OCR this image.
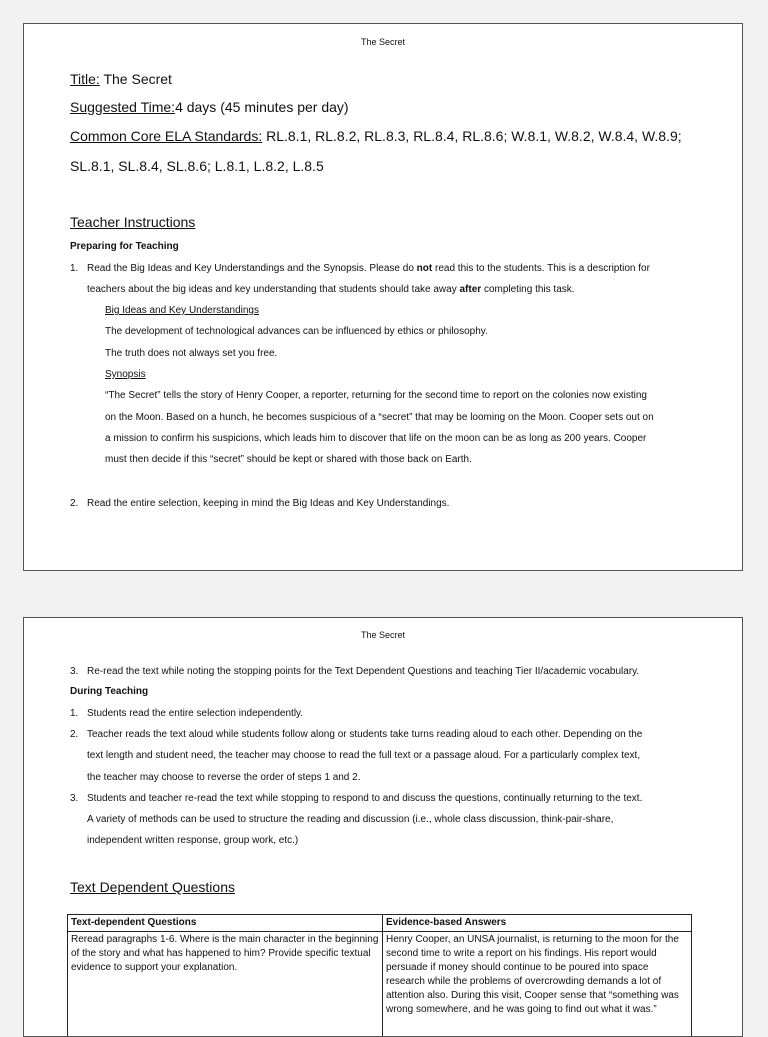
The Secret
Title: The Secret
Suggested Time:4 days (45 minutes per day)
Common Core ELA Standards: RL.8.1, RL.8.2, RL.8.3, RL.8.4, RL.8.6; W.8.1, W.8.2, W.8.4, W.8.9;
SL.8.1, SL.8.4, SL.8.6; L.8.1, L.8.2, L.8.5
Teacher Instructions
Preparing for Teaching
1. Read the Big Ideas and Key Understandings and the Synopsis. Please do not read this to the students. This is a description for
teachers about the big ideas and key understanding that students should take away after completing this task.
Big Ideas and Key Understandings
The development of technological advances can be influenced by ethics or philosophy.
The truth does not always set you free.
Synopsis
“The Secret” tells the story of Henry Cooper, a reporter, returning for the second time to report on the colonies now existing
on the Moon. Based on a hunch, he becomes suspicious of a “secret” that may be looming on the Moon. Cooper sets out on
a mission to confirm his suspicions, which leads him to discover that life on the moon can be as long as 200 years. Cooper
must then decide if this “secret” should be kept or shared with those back on Earth.
2. Read the entire selection, keeping in mind the Big Ideas and Key Understandings.
The Secret
3. Re-read the text while noting the stopping points for the Text Dependent Questions and teaching Tier II/academic vocabulary.
During Teaching
1. Students read the entire selection independently.
2. Teacher reads the text aloud while students follow along or students take turns reading aloud to each other. Depending on the
text length and student need, the teacher may choose to read the full text or a passage aloud. For a particularly complex text,
the teacher may choose to reverse the order of steps 1 and 2.
3. Students and teacher re-read the text while stopping to respond to and discuss the questions, continually returning to the text.
A variety of methods can be used to structure the reading and discussion (i.e., whole class discussion, think-pair-share,
independent written response, group work, etc.)
Text Dependent Questions
Text-dependent Questions	Evidence-based Answers
Reread paragraphs 1-6. Where is the main character in the beginning of the story and what has happened to him? Provide specific textual evidence to support your explanation.	Henry Cooper, an UNSA journalist, is returning to the moon for the second time to write a report on his findings. His report would persuade if money should continue to be poured into space research while the problems of overcrowding demands a lot of attention also. During this visit, Cooper sense that “something was wrong somewhere, and he was going to find out what it was.”
